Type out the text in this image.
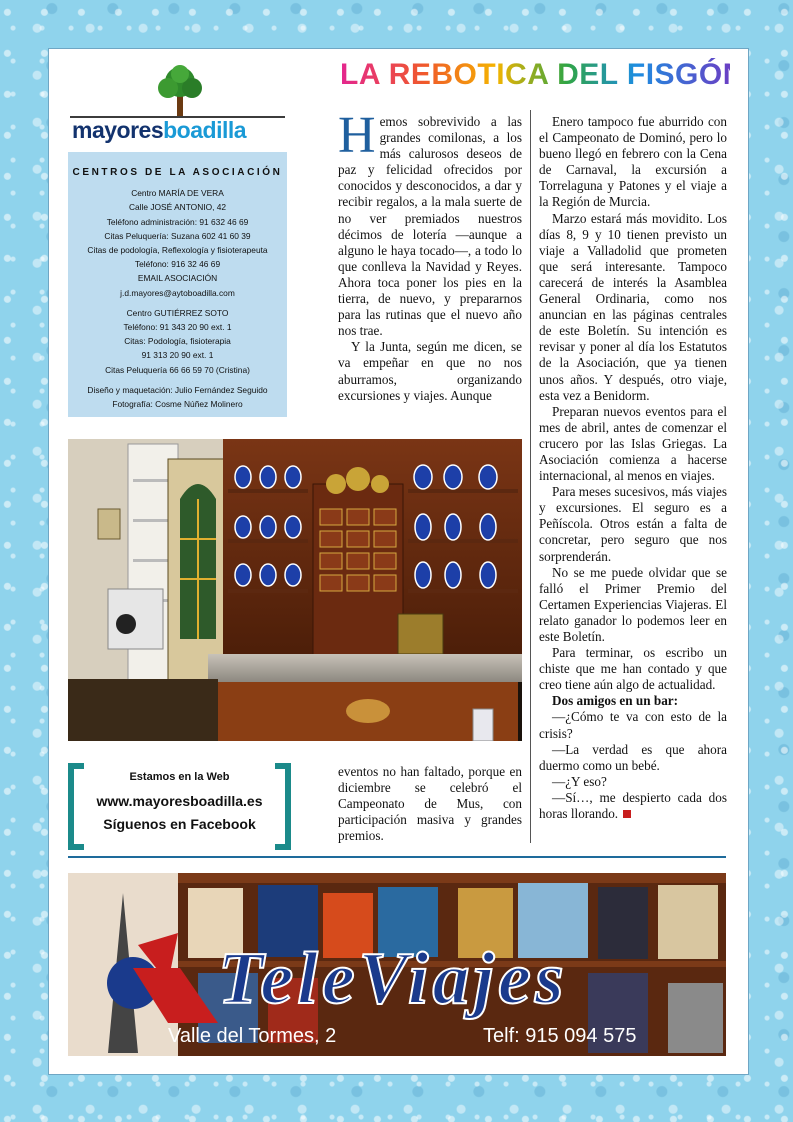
mayoresboadilla
CENTROS DE LA ASOCIACIÓN
Centro MARÍA DE VERA
Calle JOSÉ ANTONIO, 42
Teléfono administración: 91 632 46 69
Citas Peluquería: Suzana 602 41 60 39
Citas de podología, Reflexología y fisioterapeuta
Teléfono: 916 32 46 69
EMAIL ASOCIACIÓN
j.d.mayores@aytoboadilla.com
Centro GUTIÉRREZ SOTO
Teléfono: 91 343 20 90 ext. 1
Citas: Podología, fisioterapia
91 313 20 90 ext. 1
Citas Peluquería 66 66 59 70 (Cristina)
Diseño y maquetación: Julio Fernández Seguido
Fotografía: Cosme Núñez Molinero
LA REBOTICA DEL FISGÓN

Hemos sobrevivido a las grandes comilonas, a los más calurosos deseos de paz y felicidad ofrecidos por conocidos y desconocidos, a dar y recibir regalos, a la mala suerte de no ver premiados nuestros décimos de lotería —aunque a alguno le haya tocado—, a todo lo que conlleva la Navidad y Reyes. Ahora toca poner los pies en la tierra, de nuevo, y prepararnos para las rutinas que el nuevo año nos trae.

Y la Junta, según me dicen, se va empeñar en que no nos aburramos, organizando excursiones y viajes. Aunque

Enero tampoco fue aburrido con el Campeonato de Dominó, pero lo bueno llegó en febrero con la Cena de Carnaval, la excursión a Torrelaguna y Patones y el viaje a la Región de Murcia.

Marzo estará más movidito. Los días 8, 9 y 10 tienen previsto un viaje a Valladolid que prometen que será interesante. Tampoco carecerá de interés la Asamblea General Ordinaria, como nos anuncian en las páginas centrales de este Boletín. Su intención es revisar y poner al día los Estatutos de la Asociación, que ya tienen unos años. Y después, otro viaje, esta vez a Benidorm.

Preparan nuevos eventos para el mes de abril, antes de comenzar el crucero por las Islas Griegas. La Asociación comienza a hacerse internacional, al menos en viajes.

Para meses sucesivos, más viajes y excursiones. El seguro es a Peñíscola. Otros están a falta de concretar, pero seguro que nos sorprenderán.

No se me puede olvidar que se falló el Primer Premio del Certamen Experiencias Viajeras. El relato ganador lo podemos leer en este Boletín.

Para terminar, os escribo un chiste que me han contado y que creo tiene aún algo de actualidad.

Dos amigos en un bar:

—¿Cómo te va con esto de la crisis?

—La verdad es que ahora duermo como un bebé.

—¿Y eso?

—Sí…, me despierto cada dos horas llorando.

Estamos en la Web
www.mayoresboadilla.es
Síguenos en Facebook

eventos no han faltado, porque en diciembre se celebró el Campeonato de Mus, con participación masiva y grandes premios.

TeleViajes
Valle del Tormes, 2	Telf: 915 094 575
